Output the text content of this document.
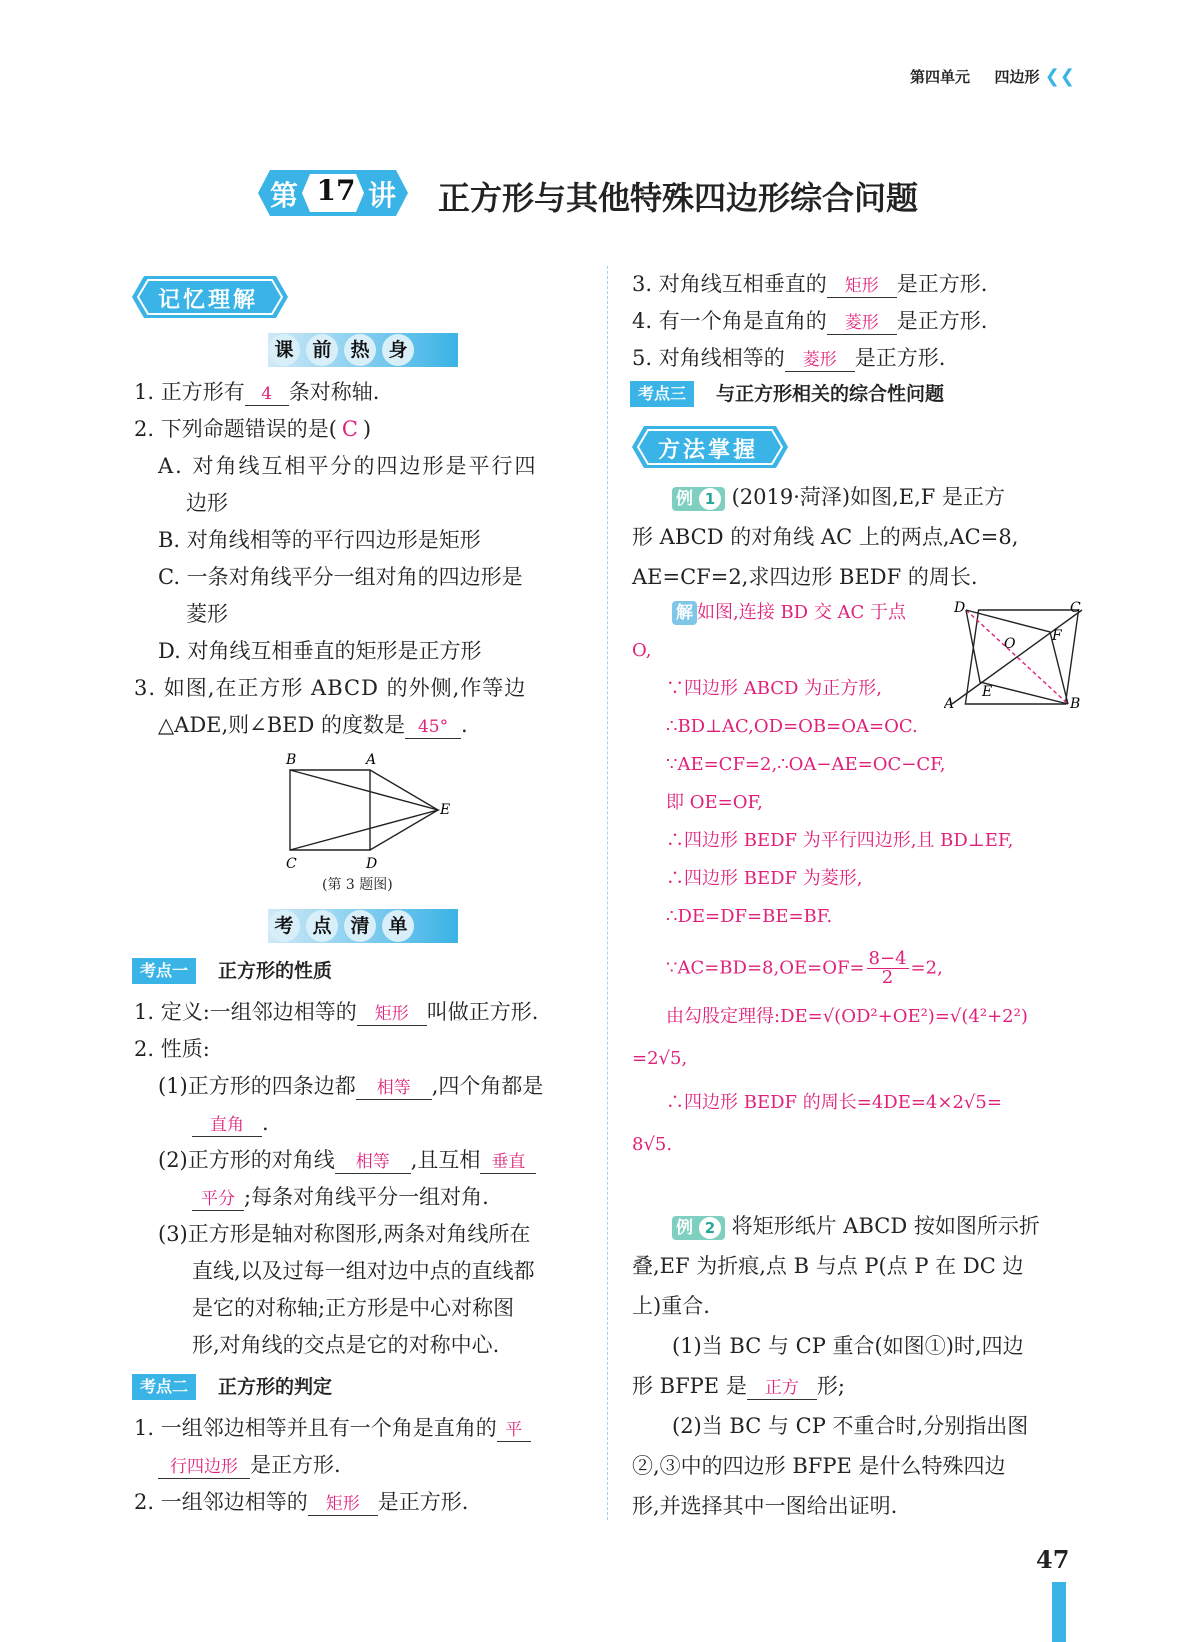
第四单元 四边形 ❮❮
第 17 讲 正方形与其他特殊四边形综合问题
记忆理解
课 前 热 身
1. 正方形有 4 条对称轴.
2. 下列命题错误的是( C )
A. 对角线互相平分的四边形是平行四
边形
B. 对角线相等的平行四边形是矩形
C. 一条对角线平分一组对角的四边形是
菱形
D. 对角线互相垂直的矩形是正方形
3. 如图,在正方形 ABCD 的外侧,作等边
△ADE,则∠BED 的度数是 45° .
B	A
E
C	D
(第 3 题图)
考 点 清 单
考点一	正方形的性质
1. 定义:一组邻边相等的 矩形 叫做正方形.
2. 性质:
(1)正方形的四条边都 相等 ,四个角都是
直角 .
(2)正方形的对角线 相等 ,且互相 垂直
平分 ;每条对角线平分一组对角.
(3)正方形是轴对称图形,两条对角线所在
直线,以及过每一组对边中点的直线都
是它的对称轴;正方形是中心对称图
形,对角线的交点是它的对称中心.
考点二	正方形的判定
1. 一组邻边相等并且有一个角是直角的 平
行四边形 是正方形.
2. 一组邻边相等的 矩形 是正方形.
3. 对角线互相垂直的 矩形 是正方形.
4. 有一个角是直角的 菱形 是正方形.
5. 对角线相等的 菱形 是正方形.
考点三	与正方形相关的综合性问题
方法掌握
例 1 (2019·菏泽)如图,E,F 是正方
形 ABCD 的对角线 AC 上的两点,AC=8,
AE=CF=2,求四边形 BEDF 的周长.
D	C
O	F
A
E
B
解 如图,连接 BD 交 AC 于点
O,
∵四边形 ABCD 为正方形,
∴BD⊥AC,OD=OB=OA=OC.
∵AE=CF=2,∴OA−AE=OC−CF,
即 OE=OF,
∴四边形 BEDF 为平行四边形,且 BD⊥EF,
∴四边形 BEDF 为菱形,
∴DE=DF=BE=BF.
∵AC=BD=8,OE=OF= $\frac{8-4}{2} =2$,
由勾股定理得:DE=√(OD²+OE²)=√(4²+2²)
=2√5,
∴四边形 BEDF 的周长=4DE=4×2√5=
8√5.
例 2 将矩形纸片 ABCD 按如图所示折
叠,EF 为折痕,点 B 与点 P(点 P 在 DC 边
上)重合.
(1)当 BC 与 CP 重合(如图①)时,四边
形 BFPE 是 正方 形;
(2)当 BC 与 CP 不重合时,分别指出图
②,③中的四边形 BFPE 是什么特殊四边
形,并选择其中一图给出证明.
47
